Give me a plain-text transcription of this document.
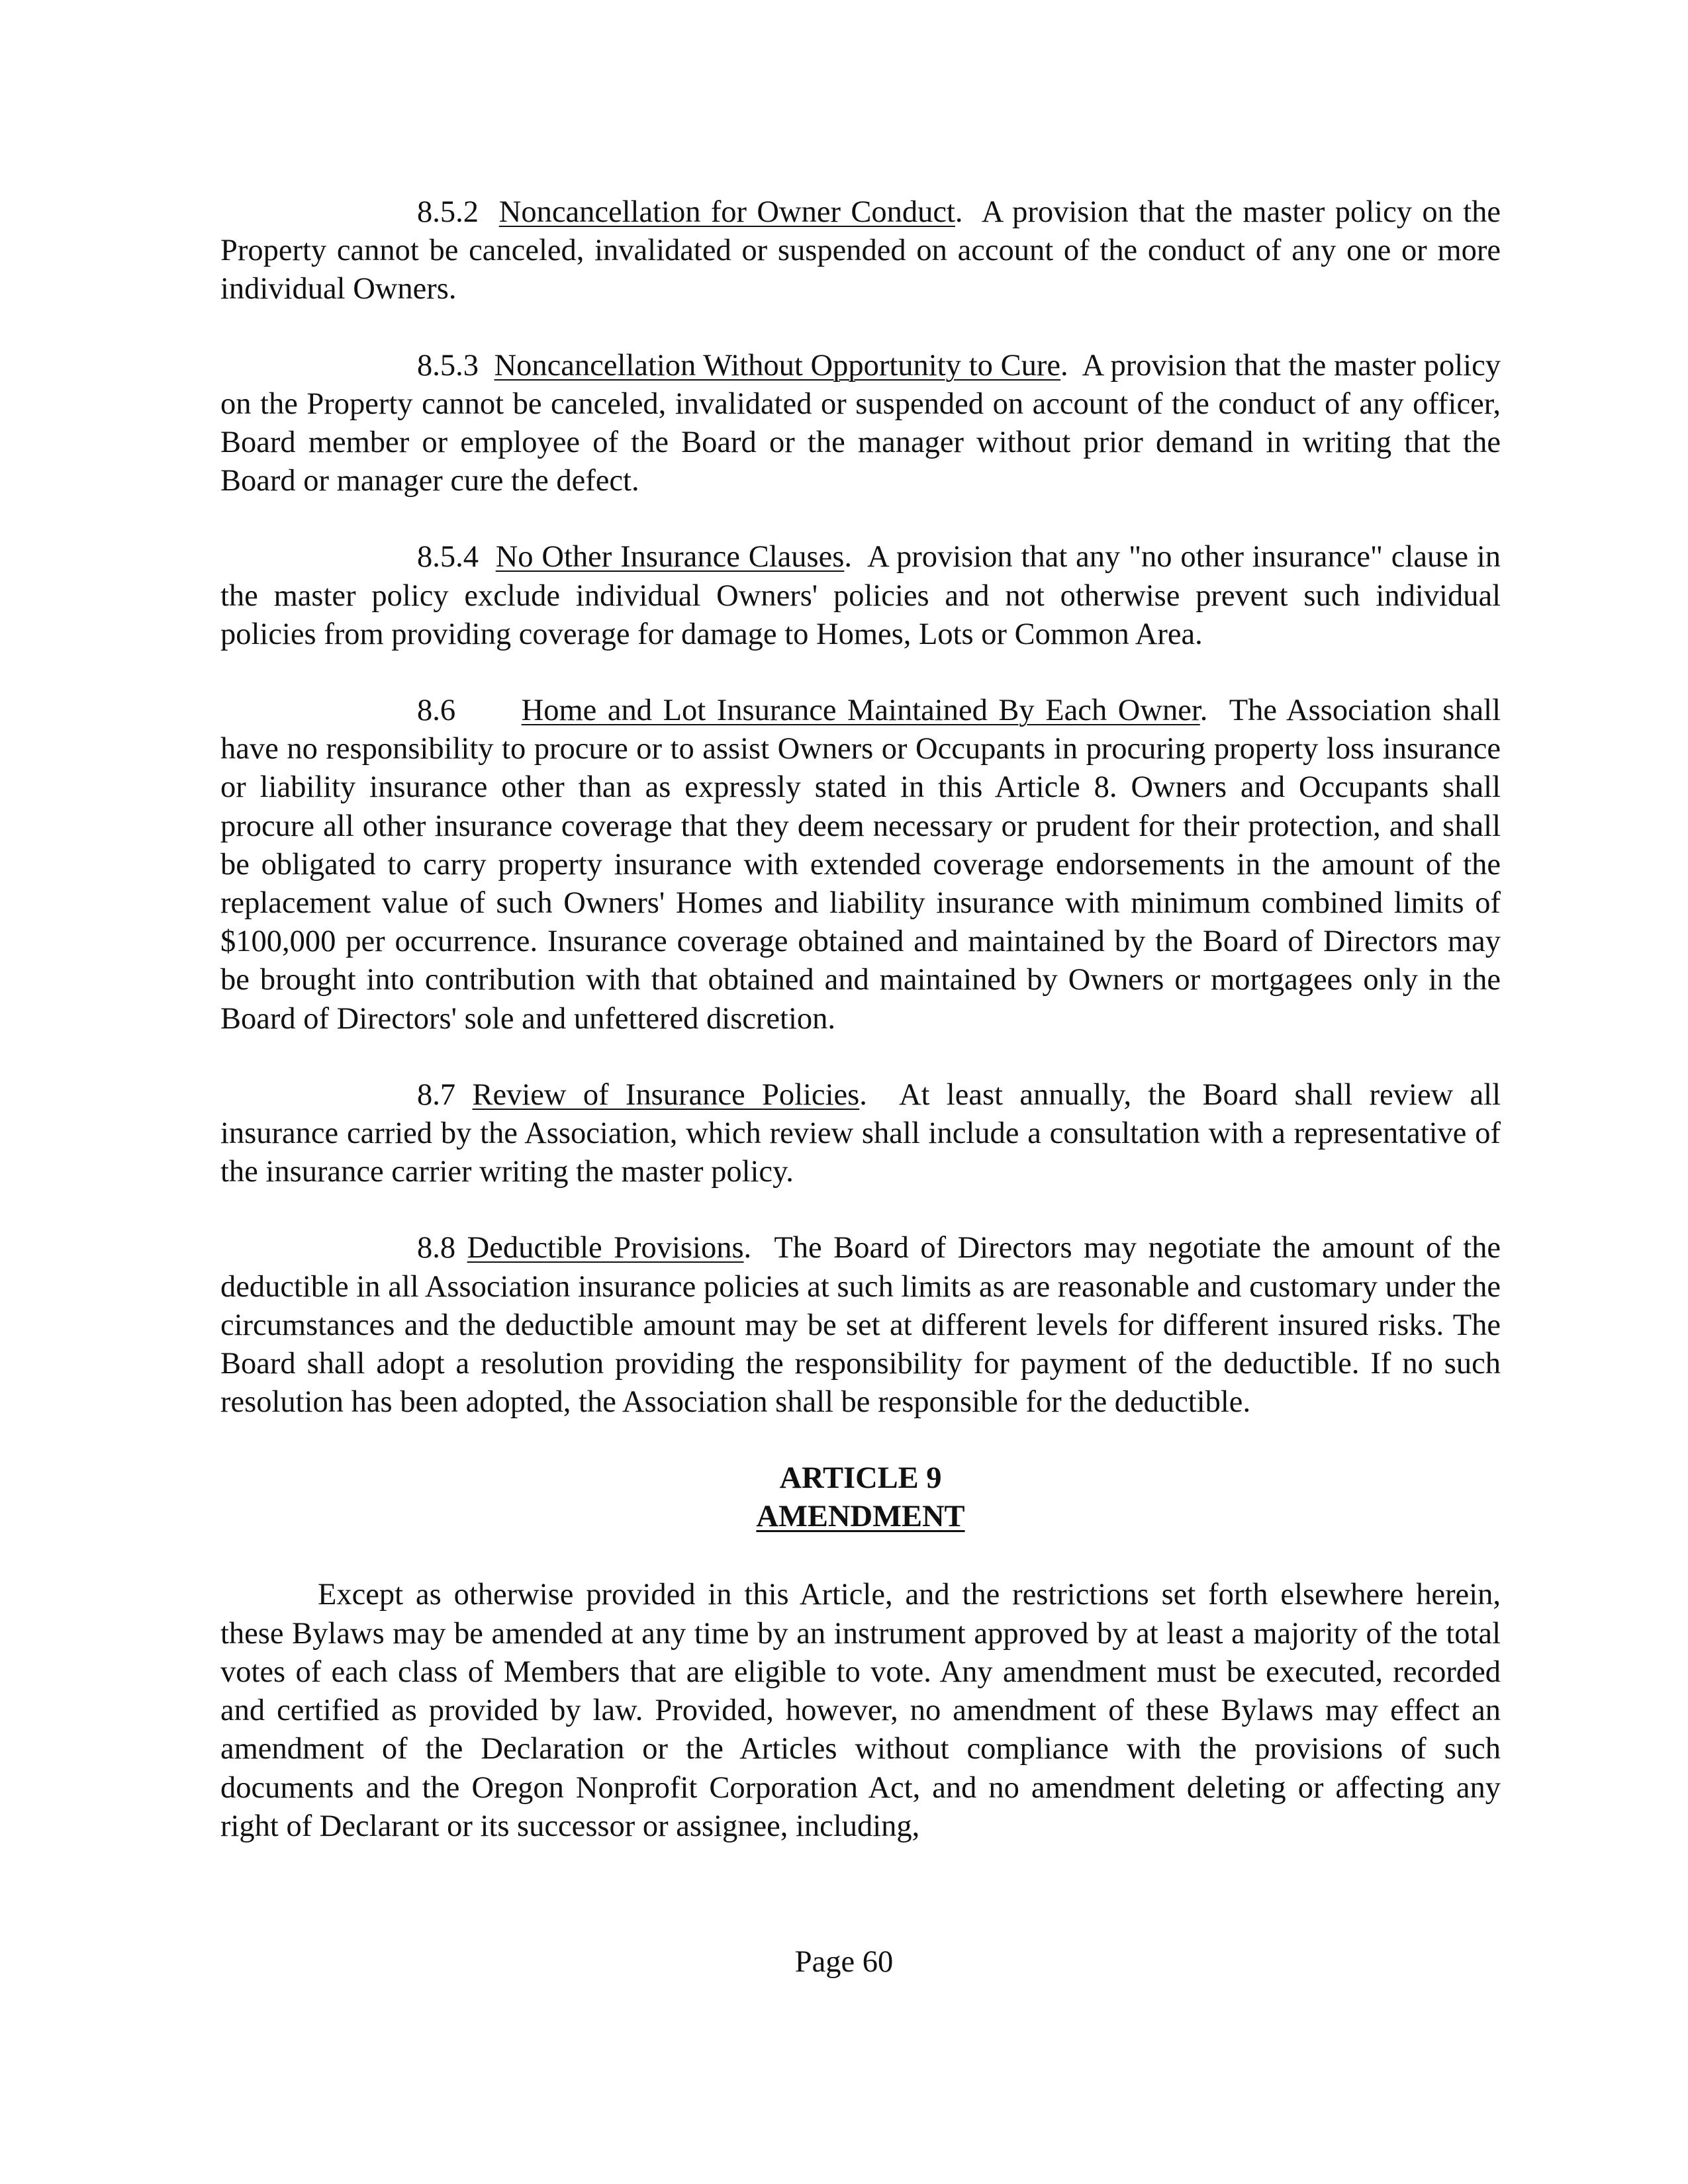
8.5.2 Noncancellation for Owner Conduct.  A provision that the master policy on the Property cannot be canceled, invalidated or suspended on account of the conduct of any one or more individual Owners.

8.5.3 Noncancellation Without Opportunity to Cure.  A provision that the master policy on the Property cannot be canceled, invalidated or suspended on account of the conduct of any officer, Board member or employee of the Board or the manager without prior demand in writing that the Board or manager cure the defect.

8.5.4 No Other Insurance Clauses.  A provision that any "no other insurance" clause in the master policy exclude individual Owners' policies and not otherwise prevent such individual policies from providing coverage for damage to Homes, Lots or Common Area.

8.6 Home and Lot Insurance Maintained By Each Owner.  The Association shall have no responsibility to procure or to assist Owners or Occupants in procuring property loss insurance or liability insurance other than as expressly stated in this Article 8. Owners and Occupants shall procure all other insurance coverage that they deem necessary or prudent for their protection, and shall be obligated to carry property insurance with extended coverage endorsements in the amount of the replacement value of such Owners' Homes and liability insurance with minimum combined limits of $100,000 per occurrence. Insurance coverage obtained and maintained by the Board of Directors may be brought into contribution with that obtained and maintained by Owners or mortgagees only in the Board of Directors' sole and unfettered discretion.

8.7 Review of Insurance Policies.  At least annually, the Board shall review all insurance carried by the Association, which review shall include a consultation with a representative of the insurance carrier writing the master policy.

8.8 Deductible Provisions.  The Board of Directors may negotiate the amount of the deductible in all Association insurance policies at such limits as are reasonable and customary under the circumstances and the deductible amount may be set at different levels for different insured risks. The Board shall adopt a resolution providing the responsibility for payment of the deductible. If no such resolution has been adopted, the Association shall be responsible for the deductible.

ARTICLE 9
AMENDMENT

Except as otherwise provided in this Article, and the restrictions set forth elsewhere herein, these Bylaws may be amended at any time by an instrument approved by at least a majority of the total votes of each class of Members that are eligible to vote. Any amendment must be executed, recorded and certified as provided by law. Provided, however, no amendment of these Bylaws may effect an amendment of the Declaration or the Articles without compliance with the provisions of such documents and the Oregon Nonprofit Corporation Act, and no amendment deleting or affecting any right of Declarant or its successor or assignee, including,

Page 60
